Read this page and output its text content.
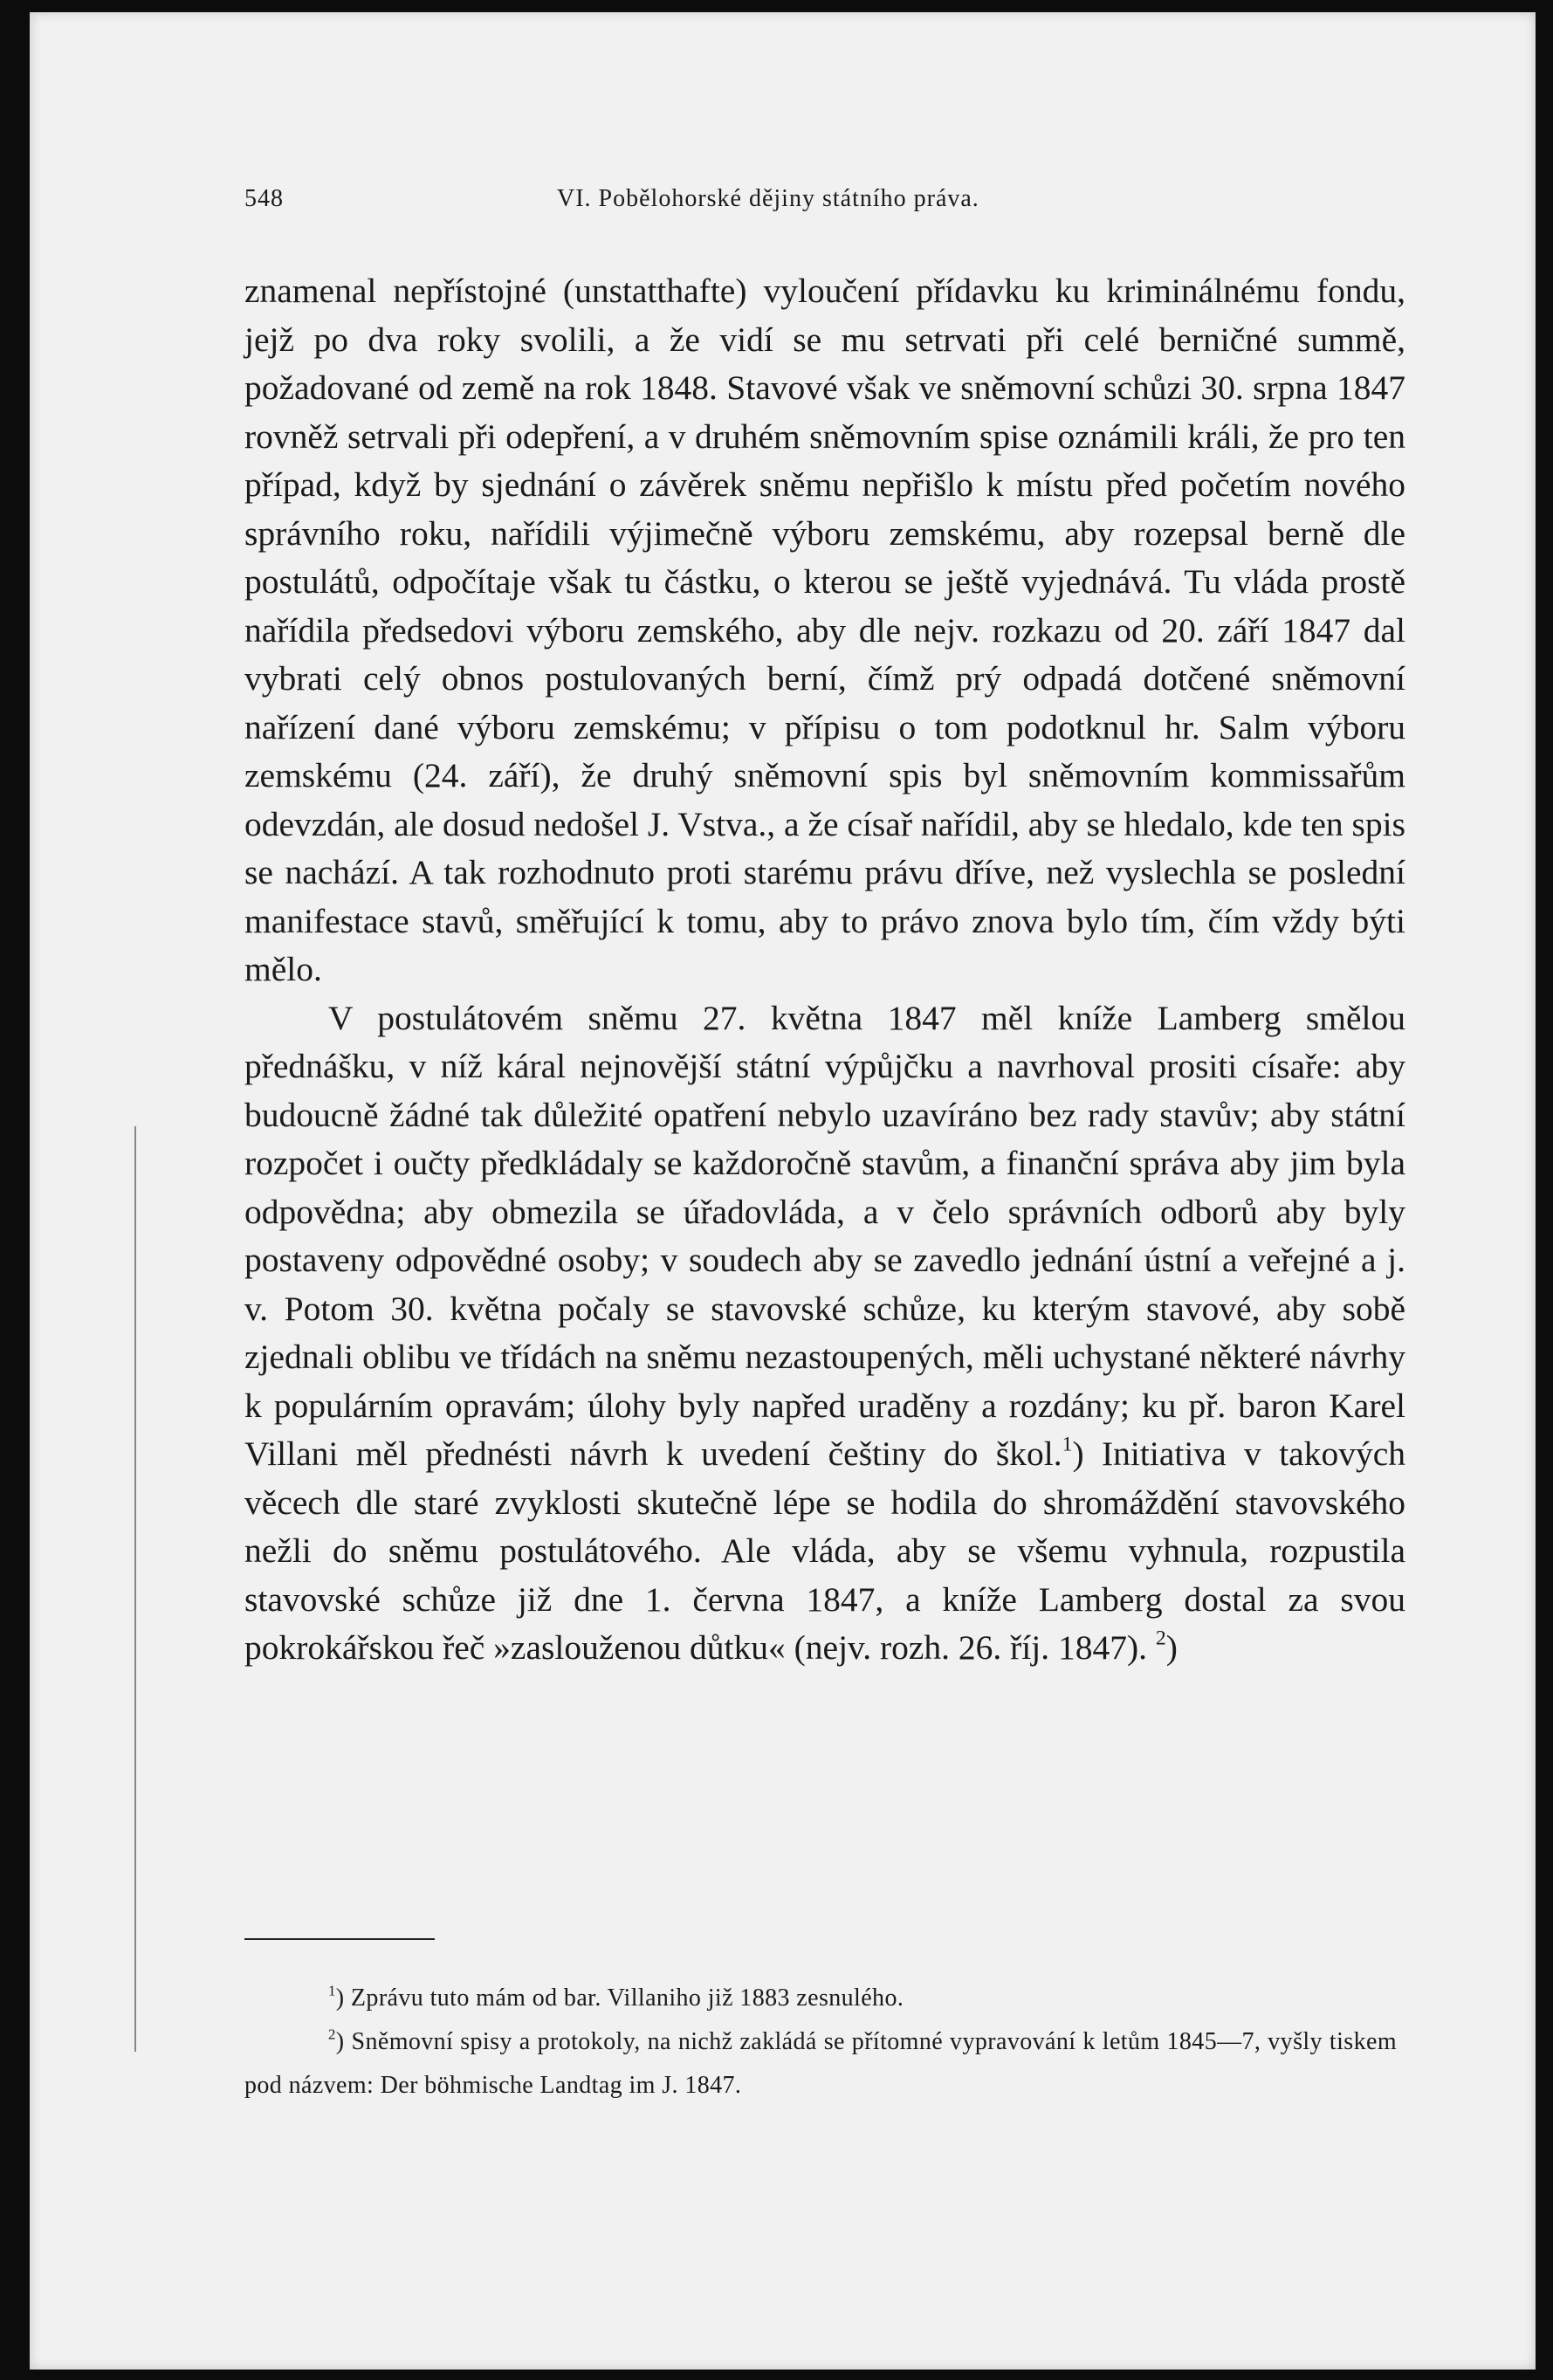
548	VI. Pobělohorské dějiny státního práva.

znamenal nepřístojné (unstatthafte) vyloučení přídavku ku kriminálnému fondu, jejž po dva roky svolili, a že vidí se mu setrvati při celé berničné summě, požadované od země na rok 1848. Stavové však ve sněmovní schůzi 30. srpna 1847 rovněž setrvali při odepření, a v druhém sněmovním spise oznámili králi, že pro ten případ, když by sjednání o závěrek sněmu nepřišlo k místu před početím nového správního roku, nařídili výjimečně výboru zemskému, aby rozepsal berně dle postulátů, odpočítaje však tu částku, o kterou se ještě vyjednává. Tu vláda prostě nařídila předsedovi výboru zemského, aby dle nejv. rozkazu od 20. září 1847 dal vybrati celý obnos postulovaných berní, čímž prý odpadá dotčené sněmovní nařízení dané výboru zemskému; v přípisu o tom podotknul hr. Salm výboru zemskému (24. září), že druhý sněmovní spis byl sněmovním kommissařům odevzdán, ale dosud nedošel J. Vstva., a že císař nařídil, aby se hledalo, kde ten spis se nachází. A tak rozhodnuto proti starému právu dříve, než vyslechla se poslední manifestace stavů, směřující k tomu, aby to právo znova bylo tím, čím vždy býti mělo.

V postulátovém sněmu 27. května 1847 měl kníže Lamberg smělou přednášku, v níž káral nejnovější státní výpůjčku a navrhoval prositi císaře: aby budoucně žádné tak důležité opatření nebylo uzavíráno bez rady stavův; aby státní rozpočet i oučty předkládaly se každoročně stavům, a finanční správa aby jim byla odpovědna; aby obmezila se úřadovláda, a v čelo správních odborů aby byly postaveny odpovědné osoby; v soudech aby se zavedlo jednání ústní a veřejné a j. v. Potom 30. května počaly se stavovské schůze, ku kterým stavové, aby sobě zjednali oblibu ve třídách na sněmu nezastoupených, měli uchystané některé návrhy k populárním opravám; úlohy byly napřed uraděny a rozdány; ku př. baron Karel Villani měl přednésti návrh k uvedení češtiny do škol.$^1$) Initiativa v takových věcech dle staré zvyklosti skutečně lépe se hodila do shromáždění stavovského nežli do sněmu postulátového. Ale vláda, aby se všemu vyhnula, rozpustila stavovské schůze již dne 1. června 1847, a kníže Lamberg dostal za svou pokrokářskou řeč »zaslouženou důtku« (nejv. rozh. 26. říj. 1847). $^2$)

$^1$) Zprávu tuto mám od bar. Villaniho již 1883 zesnulého.

$^2$) Sněmovní spisy a protokoly, na nichž zakládá se přítomné vypravování k letům 1845—7, vyšly tiskem pod názvem: Der böhmische Landtag im J. 1847.
